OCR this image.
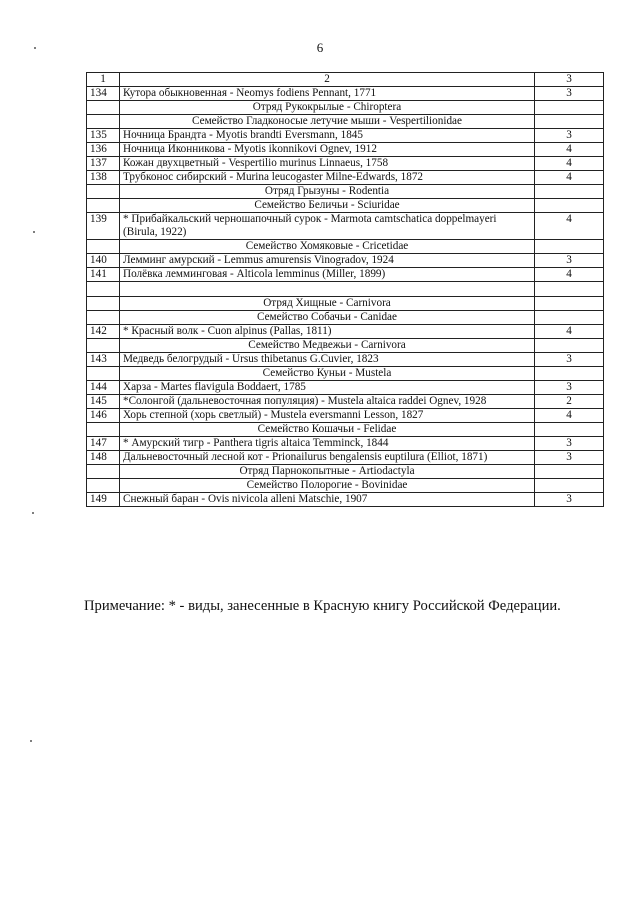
6
1	2	3
134	Кутора обыкновенная - Neomys fodiens Pennant, 1771	3
	Отряд Рукокрылые - Chiroptera	
	Семейство Гладконосые летучие мыши - Vespertilionidae	
135	Ночница Брандта - Myotis brandti Eversmann, 1845	3
136	Ночница Иконникова - Myotis ikonnikovi Ognev, 1912	4
137	Кожан двухцветный - Vespertilio murinus Linnaeus, 1758	4
138	Трубконос сибирский - Murina leucogaster Milne-Edwards, 1872	4
	Отряд Грызуны - Rodentia	
	Семейство Беличьи - Sciuridae	
139	* Прибайкальский черношапочный сурок - Marmota camtschatica doppelmayeri (Birula, 1922)	4
	Семейство Хомяковые - Cricetidae	
140	Лемминг амурский - Lemmus amurensis Vinogradov, 1924	3
141	Полёвка лемминговая - Alticola lemminus (Miller, 1899)	4

	Отряд Хищные - Carnivora	
	Семейство Собачьи - Canidae	
142	* Красный волк - Cuon alpinus (Pallas, 1811)	4
	Семейство Медвежьи - Carnivora	
143	Медведь белогрудый - Ursus thibetanus G.Cuvier, 1823	3
	Семейство Куньи - Mustela	
144	Харза - Martes flavigula Boddaert, 1785	3
145	*Солонгой (дальневосточная популяция) - Mustela altaica raddei Ognev, 1928	2
146	Хорь степной (хорь светлый) - Mustela eversmanni Lesson, 1827	4
	Семейство Кошачьи - Felidae	
147	* Амурский тигр - Panthera tigris altaica Temminck, 1844	3
148	Дальневосточный лесной кот - Prionailurus bengalensis euptilura (Elliot, 1871)	3
	Отряд Парнокопытные - Artiodactyla	
	Семейство Полорогие - Bovinidae	
149	Снежный баран - Ovis nivicola alleni Matschie, 1907	3
Примечание: * - виды, занесенные в Красную книгу Российской Федерации.
